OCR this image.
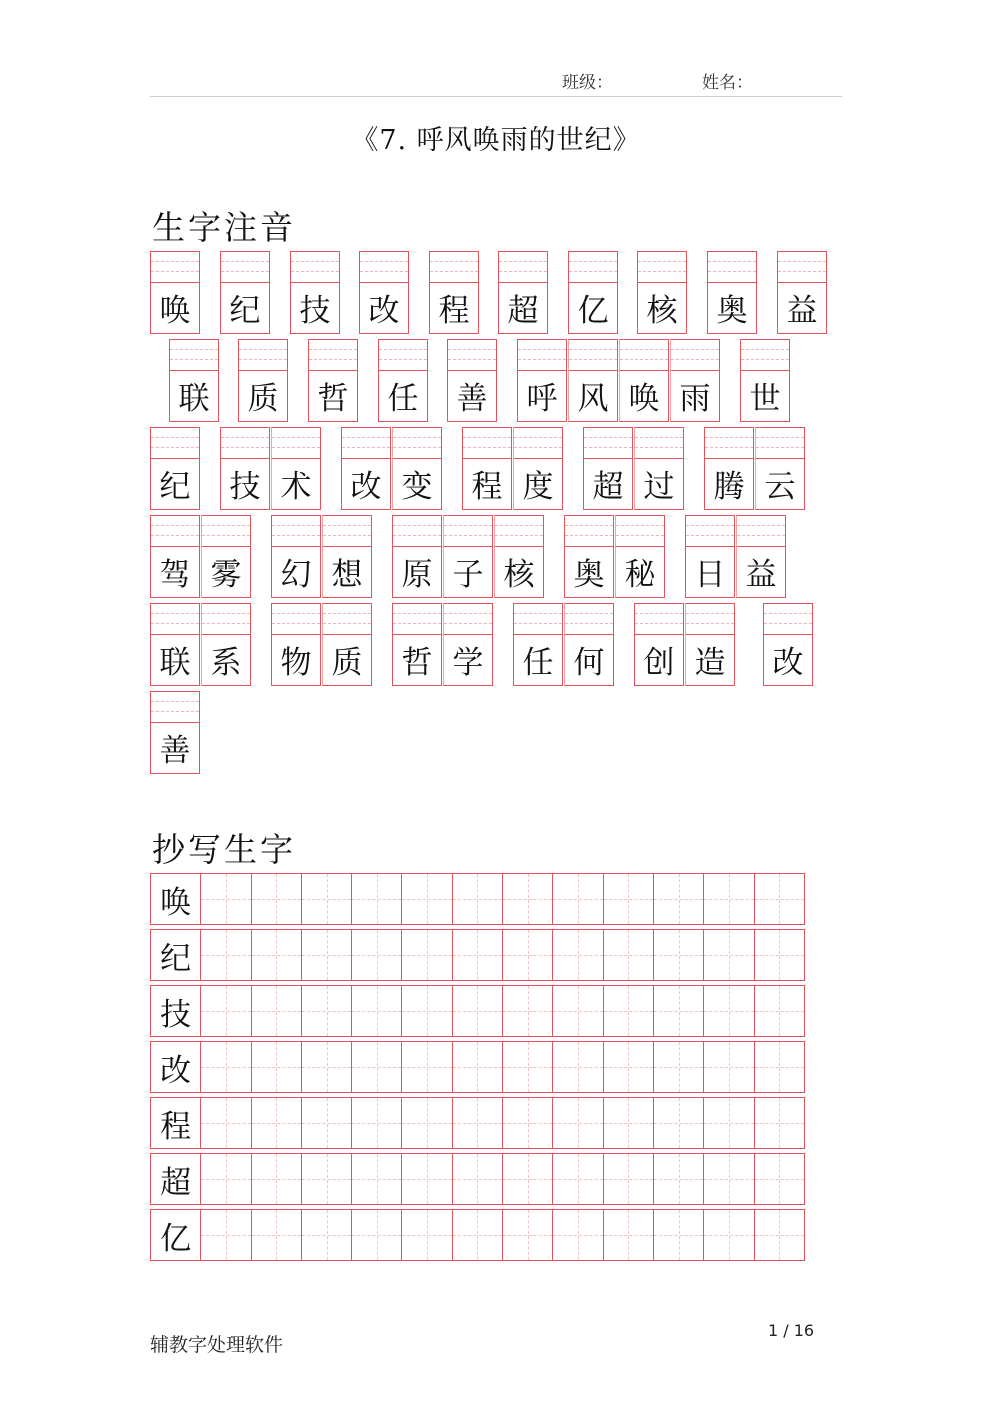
班级：	姓名：
《7. 呼风唤雨的世纪》
生字注音
唤 纪 技 改 程 超 亿 核 奥 益
联 质 哲 任 善 呼 风 唤 雨 世
纪 技 术 改 变 程 度 超 过 腾 云
驾 雾 幻 想 原 子 核 奥 秘 日 益
联 系 物 质 哲 学 任 何 创 造 改
善
抄写生字
唤
纪
技
改
程
超
亿
辅教字处理软件
1 / 16
